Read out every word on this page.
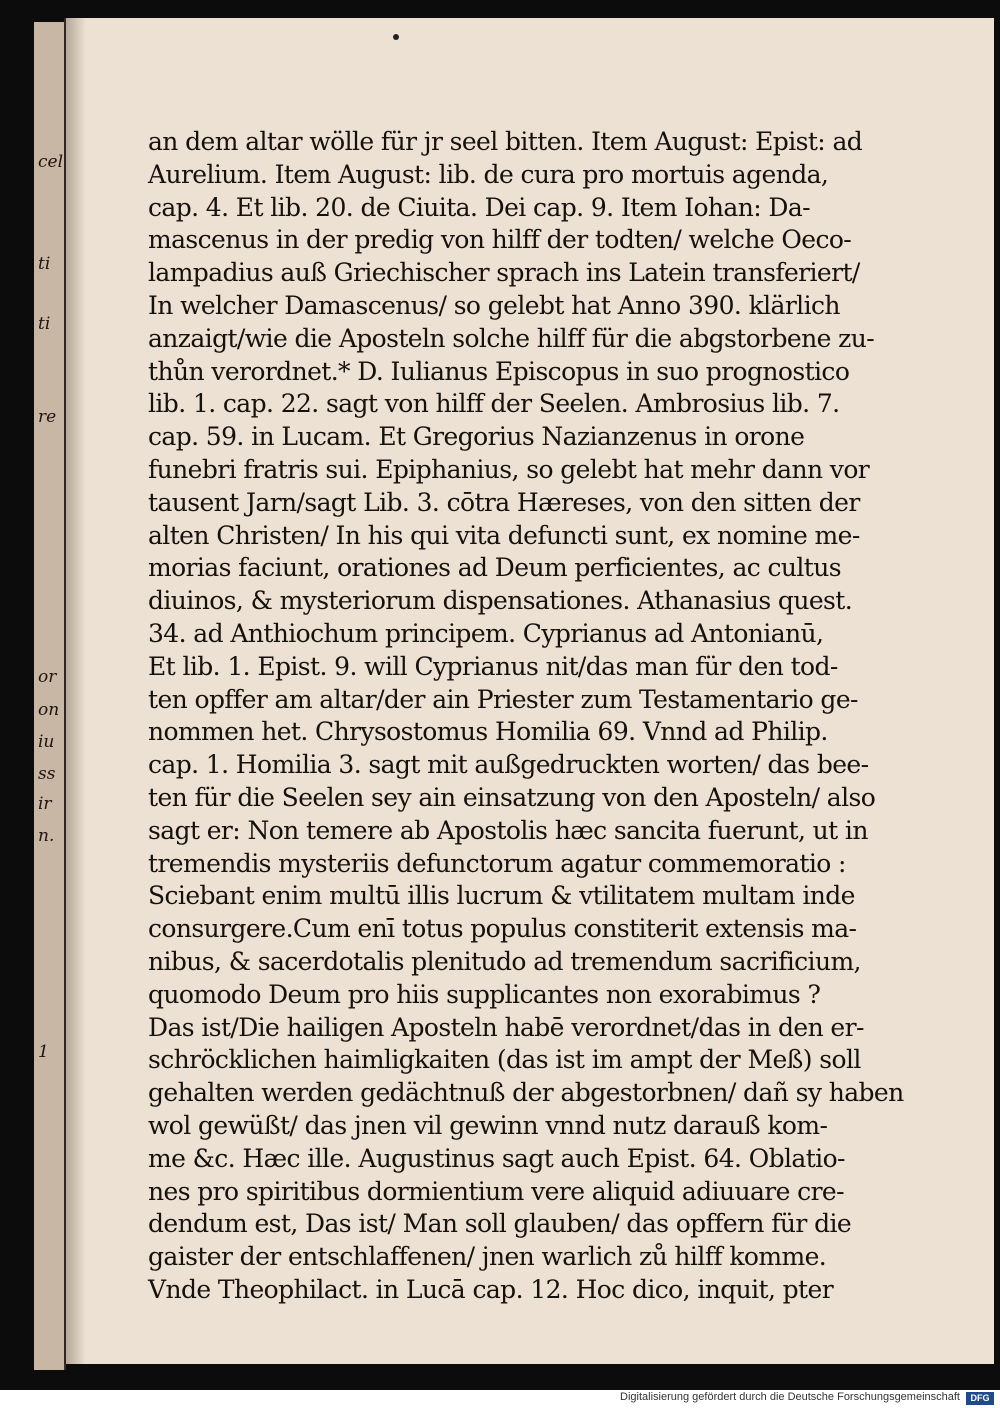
cel
ti
ti
re
or
on
iu
ss
ir
n.
1
an dem altar wölle für jr seel bitten. Item August: Epist: ad
Aurelium. Item August: lib. de cura pro mortuis agenda,
cap. 4. Et lib. 20. de Ciuita. Dei cap. 9. Item Iohan: Da-
mascenus in der predig von hilff der todten/ welche Oeco-
lampadius auß Griechischer sprach ins Latein transferiert/
In welcher Damascenus/ so gelebt hat Anno 390. klärlich
anzaigt/wie die Aposteln solche hilff für die abgstorbene zu-
thůn verordnet.* D. Iulianus Episcopus in suo prognostico
lib. 1. cap. 22. sagt von hilff der Seelen. Ambrosius lib. 7.
cap. 59. in Lucam. Et Gregorius Nazianzenus in orone
funebri fratris sui. Epiphanius, so gelebt hat mehr dann vor
tausent Jarn/sagt Lib. 3. cōtra Hæreses, von den sitten der
alten Christen/ In his qui vita defuncti sunt, ex nomine me-
morias faciunt, orationes ad Deum perficientes, ac cultus
diuinos, & mysteriorum dispensationes. Athanasius quest.
34. ad Anthiochum principem. Cyprianus ad Antonianū,
Et lib. 1. Epist. 9. will Cyprianus nit/das man für den tod-
ten opffer am altar/der ain Priester zum Testamentario ge-
nommen het. Chrysostomus Homilia 69. Vnnd ad Philip.
cap. 1. Homilia 3. sagt mit außgedruckten worten/ das bee-
ten für die Seelen sey ain einsatzung von den Aposteln/ also
sagt er: Non temere ab Apostolis hæc sancita fuerunt, ut in
tremendis mysteriis defunctorum agatur commemoratio :
Sciebant enim multū illis lucrum & vtilitatem multam inde
consurgere.Cum enī totus populus constiterit extensis ma-
nibus, & sacerdotalis plenitudo ad tremendum sacrificium,
quomodo Deum pro hiis supplicantes non exorabimus ?
Das ist/Die hailigen Aposteln habē verordnet/das in den er-
schröcklichen haimligkaiten (das ist im ampt der Meß) soll
gehalten werden gedächtnuß der abgestorbnen/ dañ sy haben
wol gewüßt/ das jnen vil gewinn vnnd nutz darauß kom-
me &c. Hæc ille. Augustinus sagt auch Epist. 64. Oblatio-
nes pro spiritibus dormientium vere aliquid adiuuare cre-
dendum est, Das ist/ Man soll glauben/ das opffern für die
gaister der entschlaffenen/ jnen warlich zů hilff komme.
Vnde Theophilact. in Lucā cap. 12. Hoc dico, inquit, pter
Digitalisierung gefördert durch die Deutsche Forschungsgemeinschaft	DFG
